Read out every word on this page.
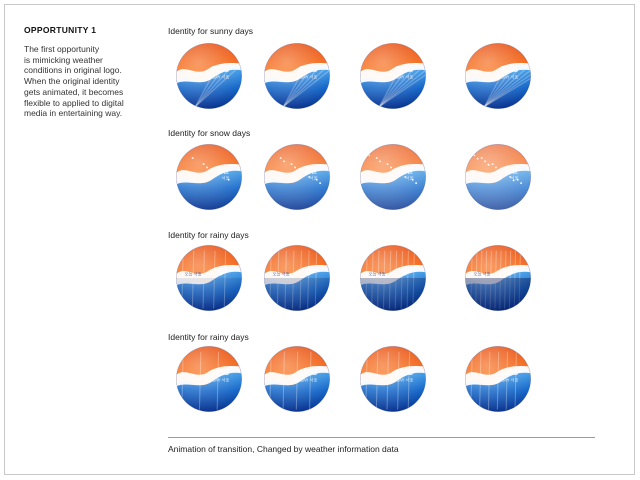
OPPORTUNITY 1

The first opportunity
is mimicking weather
conditions in original logo.
When the original identity
gets animated, it becomes
flexible to applied to digital
media in entertaining way.

Identity for sunny days
Identity for snow days
Identity for rainy days
Identity for rainy days
22°C
TODAY 서울
22°C
TODAY 서울
22°C
TODAY 서울
22°C
TODAY 서울
내일
서울
내일
서울
내일
서울
내일
서울
9°
오늘 서울	9°
오늘 서울	9°
오늘 서울	9°
오늘 서울
18°C
TODAY 서울
18°C
TODAY 서울
18°C
TODAY 서울
18°C
TODAY 서울
Animation of transition, Changed by weather information data
